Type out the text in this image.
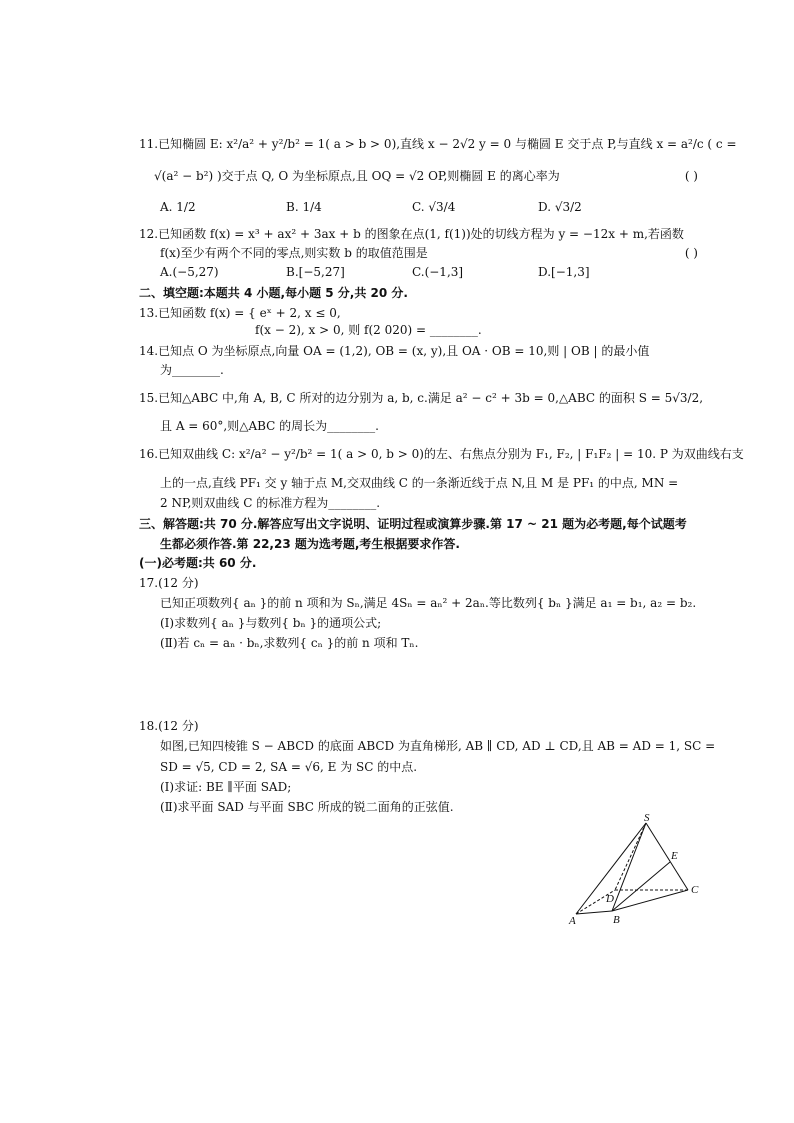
11.已知椭圆 E: x²/a² + y²/b² = 1( a > b > 0),直线 x − 2√2 y = 0 与椭圆 E 交于点 P,与直线 x = a²/c ( c =
√(a² − b²) )交于点 Q, O 为坐标原点,且 OQ = √2 OP,则椭圆 E 的离心率为	( )
A. 1/2	B. 1/4	C. √3/4	D. √3/2
12.已知函数 f(x) = x³ + ax² + 3ax + b 的图象在点(1, f(1))处的切线方程为 y = −12x + m,若函数
f(x)至少有两个不同的零点,则实数 b 的取值范围是	( )
A.(−5,27)	B.[−5,27]	C.(−1,3]	D.[−1,3]
二、填空题:本题共 4 小题,每小题 5 分,共 20 分.
13.已知函数 f(x) = { eˣ + 2, x ≤ 0,
f(x − 2), x > 0, 则 f(2 020) = ________.
14.已知点 O 为坐标原点,向量 OA = (1,2), OB = (x, y),且 OA · OB = 10,则 | OB | 的最小值
为________.
15.已知△ABC 中,角 A, B, C 所对的边分别为 a, b, c.满足 a² − c² + 3b = 0,△ABC 的面积 S = 5√3/2,
且 A = 60°,则△ABC 的周长为________.
16.已知双曲线 C: x²/a² − y²/b² = 1( a > 0, b > 0)的左、右焦点分别为 F₁, F₂, | F₁F₂ | = 10. P 为双曲线右支
上的一点,直线 PF₁ 交 y 轴于点 M,交双曲线 C 的一条渐近线于点 N,且 M 是 PF₁ 的中点, MN =
2 NP,则双曲线 C 的标准方程为________.
三、解答题:共 70 分.解答应写出文字说明、证明过程或演算步骤.第 17 ~ 21 题为必考题,每个试题考
生都必须作答.第 22,23 题为选考题,考生根据要求作答.
(一)必考题:共 60 分.
17.(12 分)
已知正项数列{ aₙ }的前 n 项和为 Sₙ,满足 4Sₙ = aₙ² + 2aₙ.等比数列{ bₙ }满足 a₁ = b₁, a₂ = b₂.
(Ⅰ)求数列{ aₙ }与数列{ bₙ }的通项公式;
(Ⅱ)若 cₙ = aₙ · bₙ,求数列{ cₙ }的前 n 项和 Tₙ.
18.(12 分)
如图,已知四棱锥 S − ABCD 的底面 ABCD 为直角梯形, AB ∥ CD, AD ⊥ CD,且 AB = AD = 1, SC =
SD = √5, CD = 2, SA = √6, E 为 SC 的中点.
(Ⅰ)求证: BE ∥平面 SAD;
(Ⅱ)求平面 SAD 与平面 SBC 所成的锐二面角的正弦值.
S
E
D
C
A	B
